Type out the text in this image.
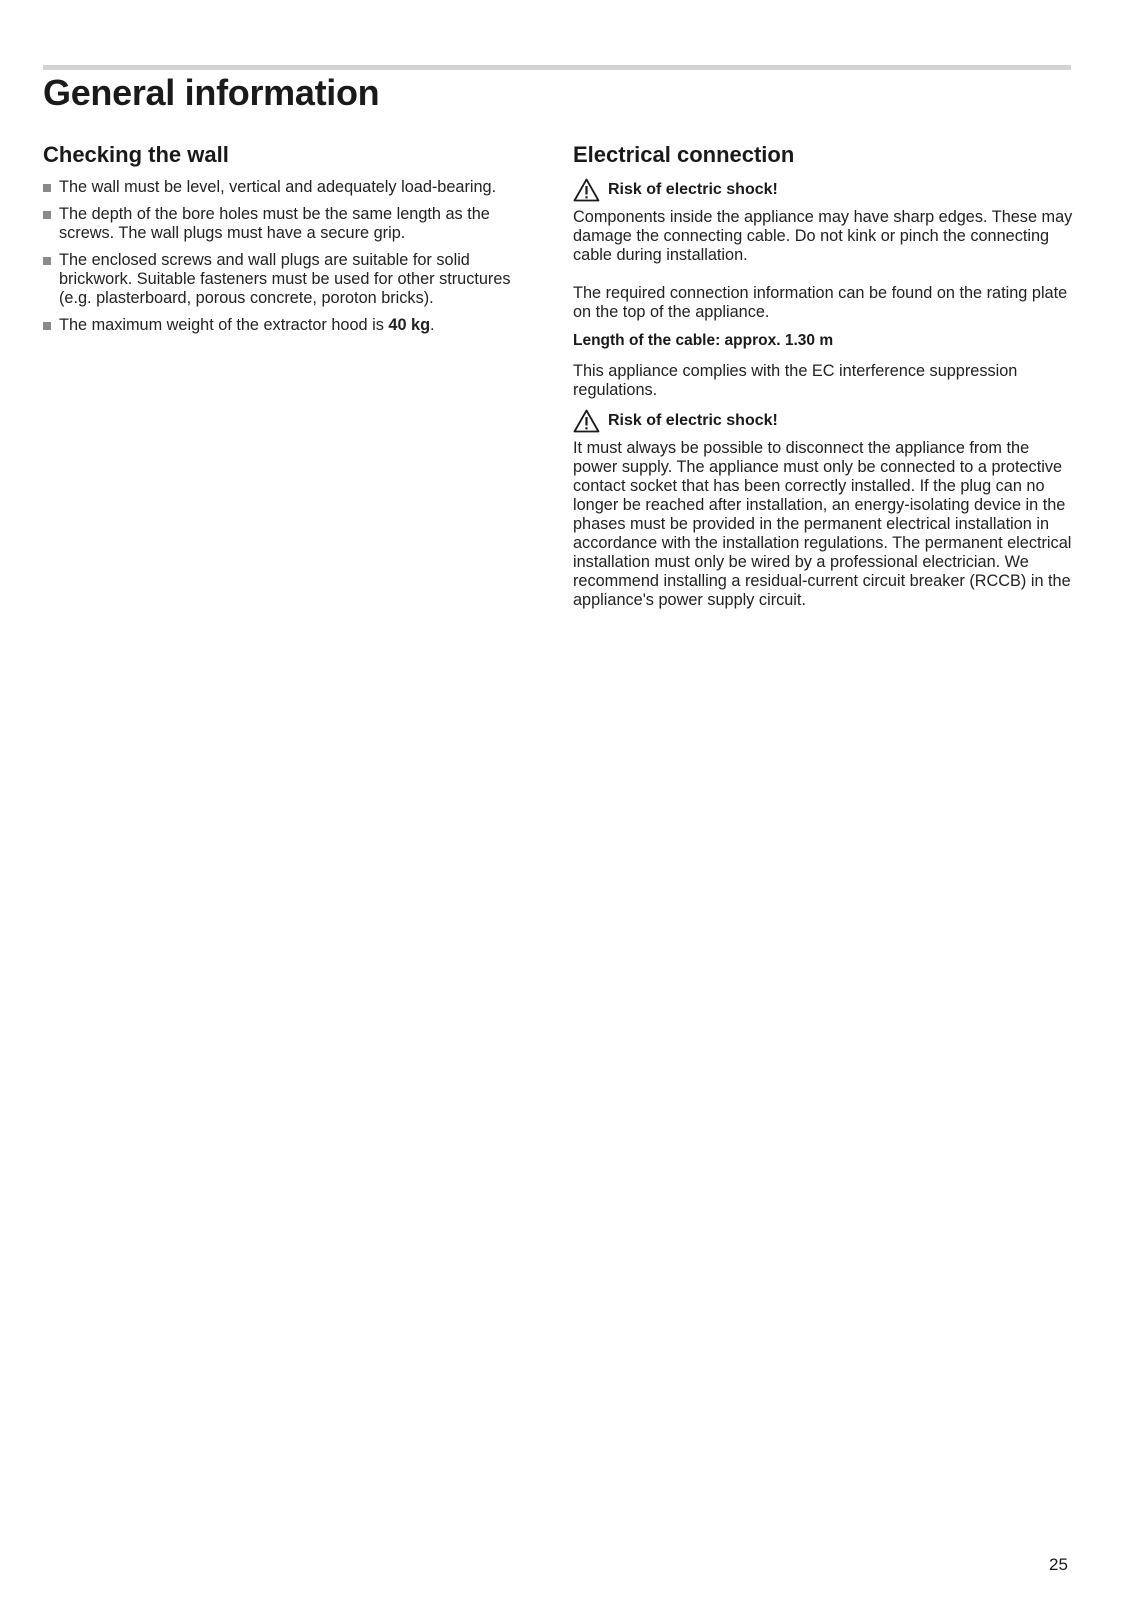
General information
Checking the wall
The wall must be level, vertical and adequately load-bearing.
The depth of the bore holes must be the same length as the screws. The wall plugs must have a secure grip.
The enclosed screws and wall plugs are suitable for solid brickwork. Suitable fasteners must be used for other structures (e.g. plasterboard, porous concrete, poroton bricks).
The maximum weight of the extractor hood is 40 kg.
Electrical connection
Risk of electric shock!

Components inside the appliance may have sharp edges. These may damage the connecting cable. Do not kink or pinch the connecting cable during installation.

The required connection information can be found on the rating plate on the top of the appliance.

Length of the cable: approx. 1.30 m

This appliance complies with the EC interference suppression regulations.

Risk of electric shock!

It must always be possible to disconnect the appliance from the power supply. The appliance must only be connected to a protective contact socket that has been correctly installed. If the plug can no longer be reached after installation, an energy-isolating device in the phases must be provided in the permanent electrical installation in accordance with the installation regulations. The permanent electrical installation must only be wired by a professional electrician. We recommend installing a residual-current circuit breaker (RCCB) in the appliance's power supply circuit.

25
